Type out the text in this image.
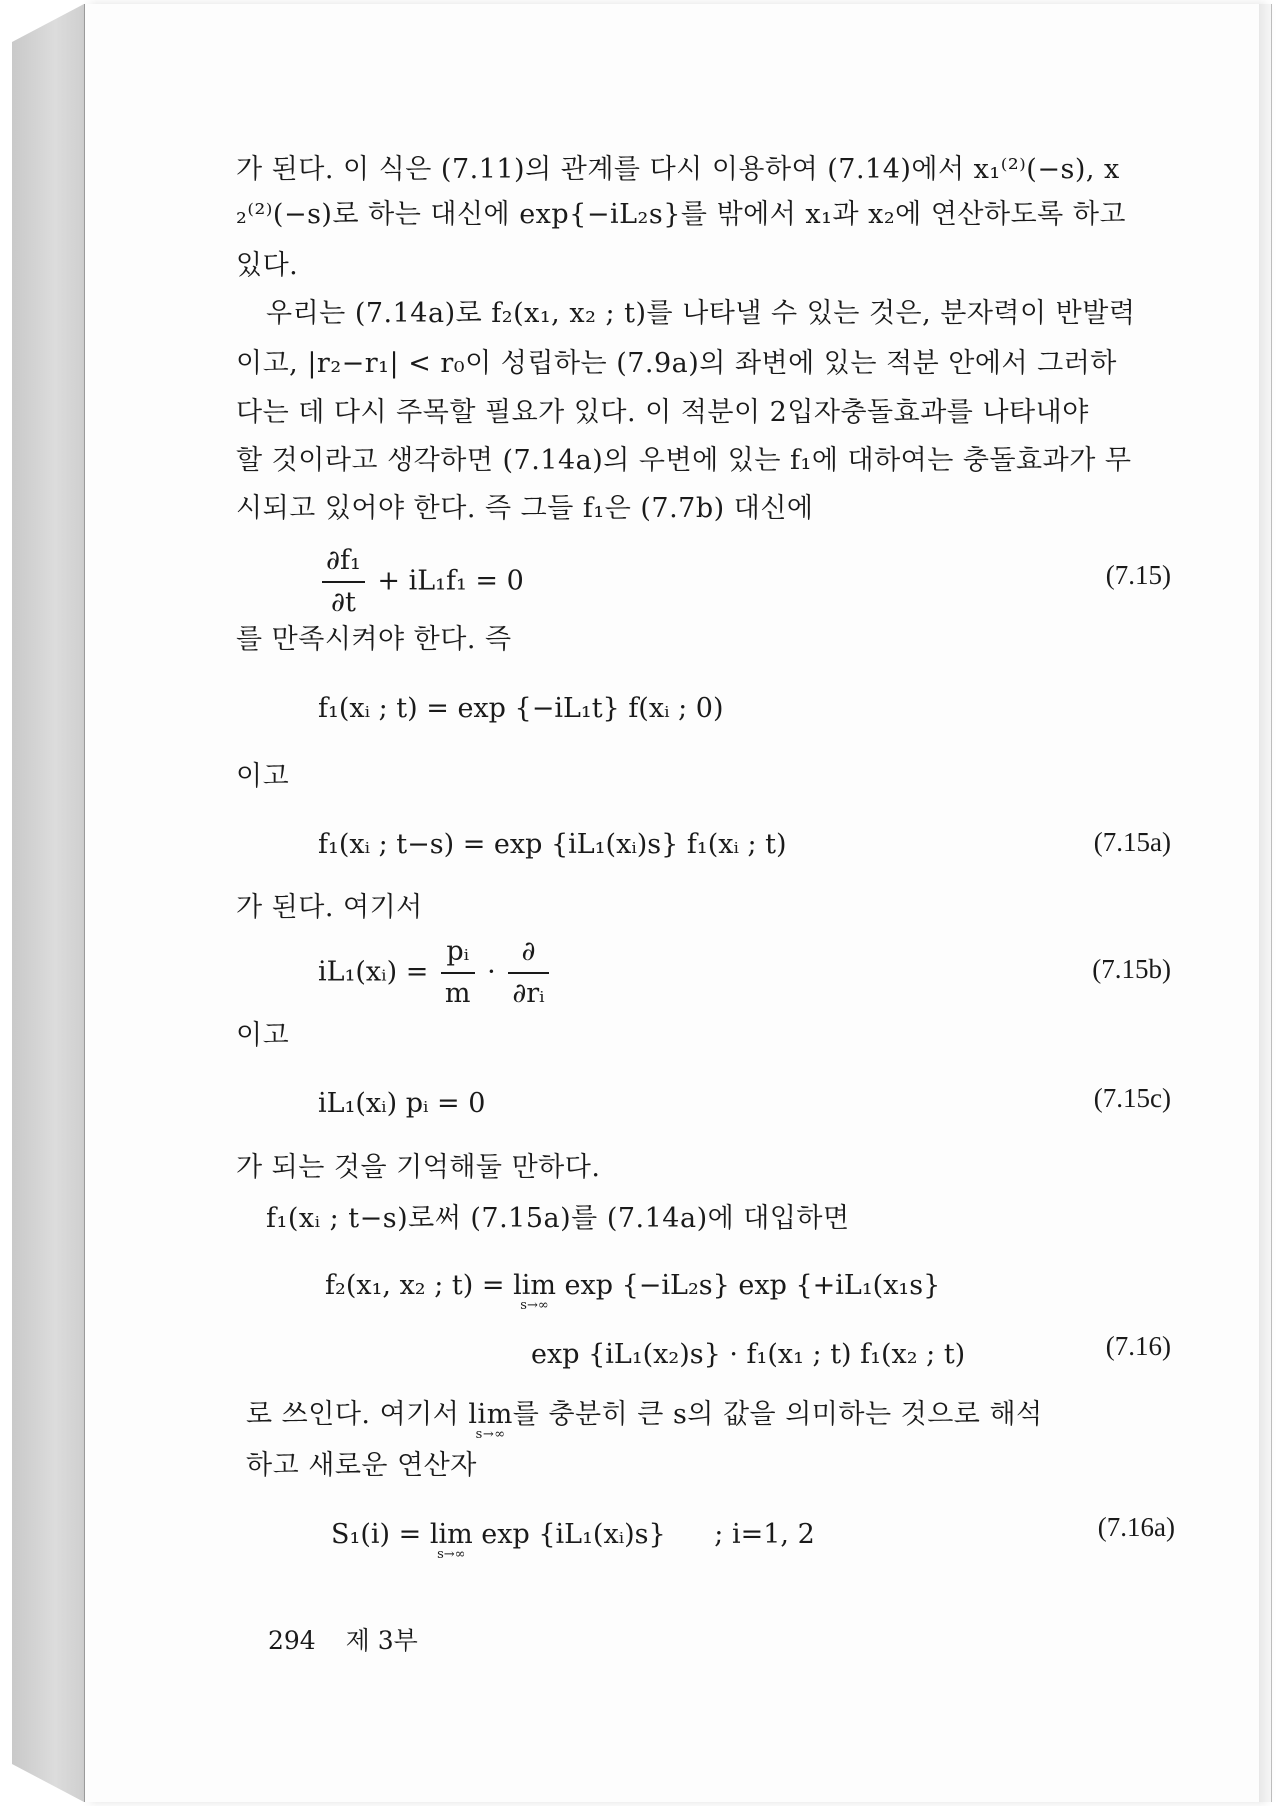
가 된다. 이 식은 (7.11)의 관계를 다시 이용하여 (7.14)에서 x₁⁽²⁾(−s), x
₂⁽²⁾(−s)로 하는 대신에 exp{−iL₂s}를 밖에서 x₁과 x₂에 연산하도록 하고
있다.
우리는 (7.14a)로 f₂(x₁, x₂ ; t)를 나타낼 수 있는 것은, 분자력이 반발력
이고, |r₂−r₁| < r₀이 성립하는 (7.9a)의 좌변에 있는 적분 안에서 그러하
다는 데 다시 주목할 필요가 있다. 이 적분이 2입자충돌효과를 나타내야
할 것이라고 생각하면 (7.14a)의 우변에 있는 f₁에 대하여는 충돌효과가 무
시되고 있어야 한다. 즉 그들 f₁은 (7.7b) 대신에
$\frac{\text{∂f₁}}{\partial t} + iL_1f_1 = 0$	(7.15)
를 만족시켜야 한다. 즉
f₁(xᵢ ; t) = exp {−iL₁t} f(xᵢ ; 0)
이고
f₁(xᵢ ; t−s) = exp {iL₁(xᵢ)s} f₁(xᵢ ; t)	(7.15a)
가 된다. 여기서
iL₁(xᵢ) = $\frac{\text{pᵢ}}{m} \cdot \frac{\partial}{\text{∂rᵢ}}$	(7.15b)
이고
iL₁(xᵢ) pᵢ = 0	(7.15c)
가 되는 것을 기억해둘 만하다.
f₁(xᵢ ; t−s)로써 (7.15a)를 (7.14a)에 대입하면
f₂(x₁, x₂ ; t) = lim
s→∞
exp {−iL₂s} exp {+iL₁(x₁s}
exp {iL₁(x₂)s} · f₁(x₁ ; t) f₁(x₂ ; t)	(7.16)
로 쓰인다. 여기서 lim
s→∞
를 충분히 큰 s의 값을 의미하는 것으로 해석
하고 새로운 연산자
S₁(i) = lim
s→∞
exp {iL₁(xᵢ)s} ; i=1, 2	(7.16a)
294 제 3부
